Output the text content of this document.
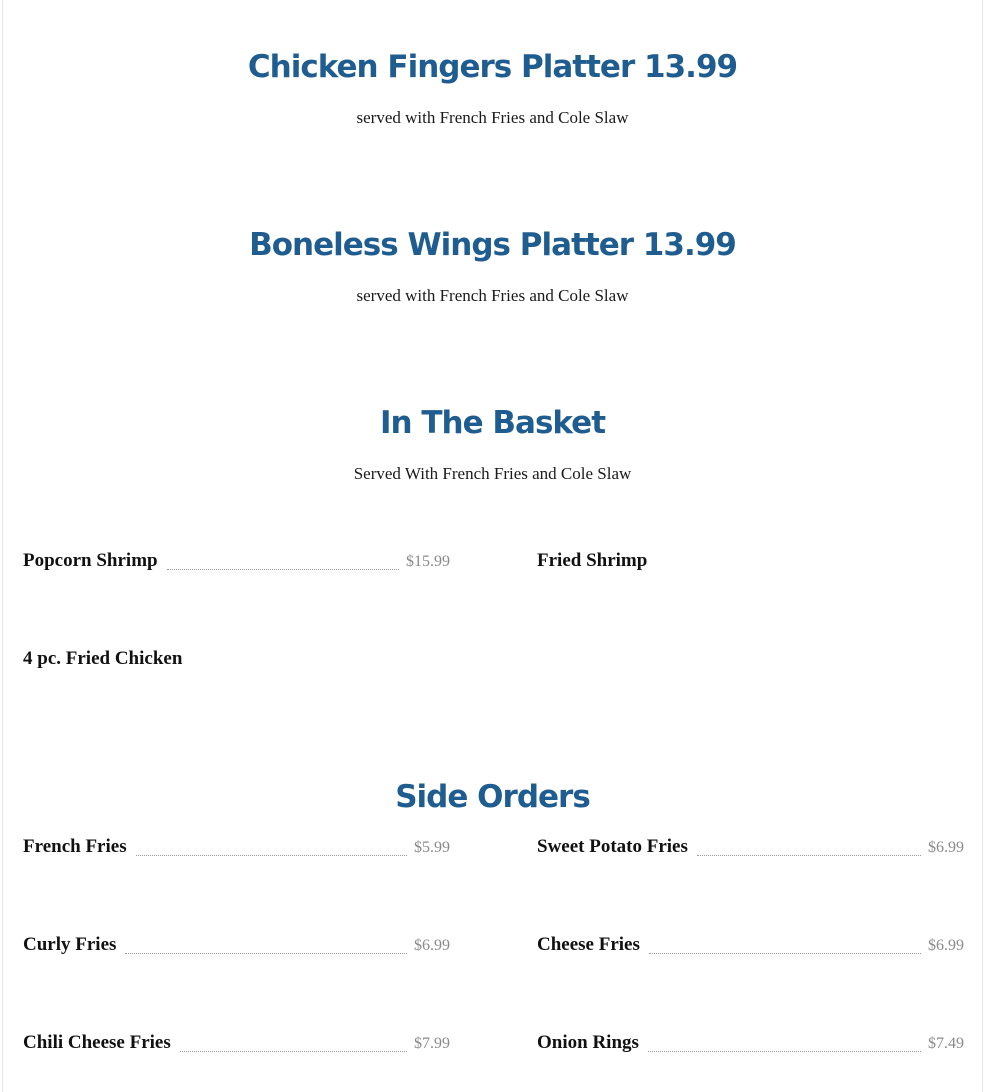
Chicken Fingers Platter 13.99
served with French Fries and Cole Slaw
Boneless Wings Platter 13.99
served with French Fries and Cole Slaw
In The Basket
Served With French Fries and Cole Slaw
Popcorn Shrimp	$15.99	Fried Shrimp
4 pc. Fried Chicken
Side Orders
French Fries	$5.99	Sweet Potato Fries	$6.99
Curly Fries	$6.99	Cheese Fries	$6.99
Chili Cheese Fries	$7.99	Onion Rings	$7.49
